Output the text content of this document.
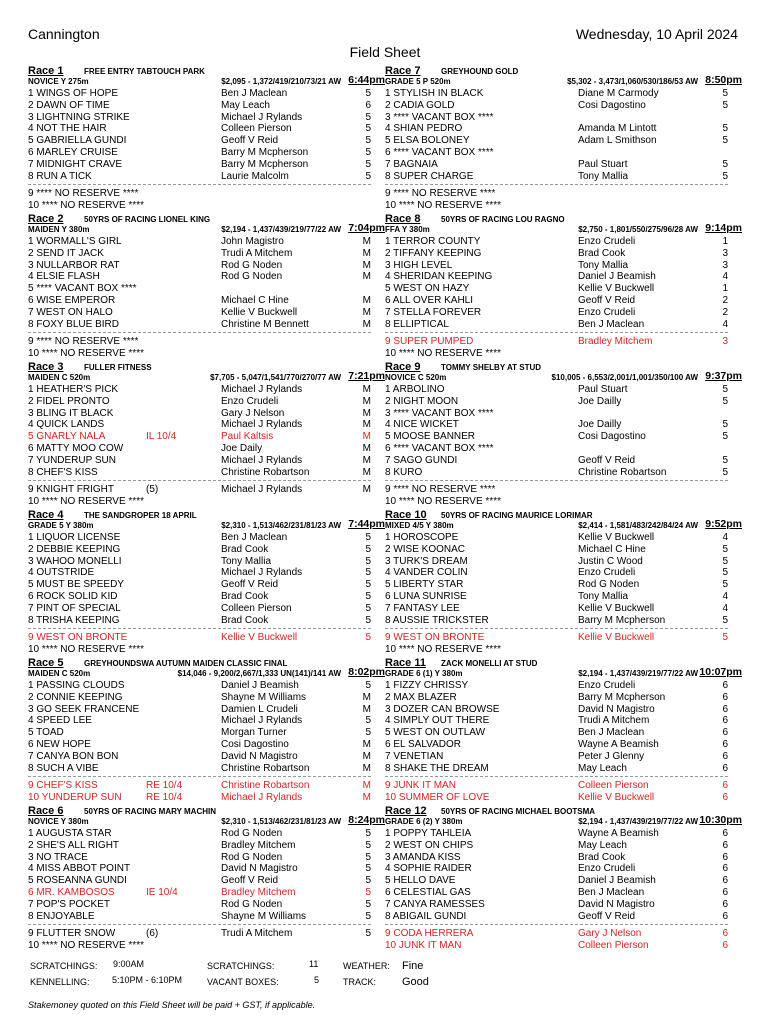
Cannington	Wednesday, 10 April 2024
Field Sheet
Race 1	FREE ENTRY TABTOUCH PARK
NOVICE Y 275m	$2,095 - 1,372/419/210/73/21 AW 6:44pm
1 WINGS OF HOPE	Ben J Maclean	5
2 DAWN OF TIME	May Leach	6
3 LIGHTNING STRIKE	Michael J Rylands	5
4 NOT THE HAIR	Colleen Pierson	5
5 GABRIELLA GUNDI	Geoff V Reid	5
6 MARLEY CRUISE	Barry M Mcpherson	5
7 MIDNIGHT CRAVE	Barry M Mcpherson	5
8 RUN A TICK	Laurie Malcolm	5
9 **** NO RESERVE ****
10 **** NO RESERVE ****
Race 2	50YRS OF RACING LIONEL KING
MAIDEN Y 380m	$2,194 - 1,437/439/219/77/22 AW 7:04pm
1 WORMALL'S GIRL	John Magistro	M
2 SEND IT JACK	Trudi A Mitchem	M
3 NULLARBOR RAT	Rod G Noden	M
4 ELSIE FLASH	Rod G Noden	M
5 **** VACANT BOX ****
6 WISE EMPEROR	Michael C Hine	M
7 WEST ON HALO	Kellie V Buckwell	M
8 FOXY BLUE BIRD	Christine M Bennett	M
9 **** NO RESERVE ****
10 **** NO RESERVE ****
Race 3	FULLER FITNESS
MAIDEN C 520m	$7,705 - 5,047/1,541/770/270/77 AW 7:21pm
1 HEATHER'S PICK	Michael J Rylands	M
2 FIDEL PRONTO	Enzo Crudeli	M
3 BLING IT BLACK	Gary J Nelson	M
4 QUICK LANDS	Michael J Rylands	M
5 GNARLY NALA	IL 10/4	Paul Kaltsis	M
6 MATTY MOO COW	Joe Daily	M
7 YUNDERUP SUN	Michael J Rylands	M
8 CHEF'S KISS	Christine Robartson	M
9 KNIGHT FRIGHT	(5)	Michael J Rylands	M
10 **** NO RESERVE ****
Race 4	THE SANDGROPER 18 APRIL
GRADE 5 Y 380m	$2,310 - 1,513/462/231/81/23 AW 7:44pm
1 LIQUOR LICENSE	Ben J Maclean	5
2 DEBBIE KEEPING	Brad Cook	5
3 WAHOO MONELLI	Tony Mallia	5
4 OUTSTRIDE	Michael J Rylands	5
5 MUST BE SPEEDY	Geoff V Reid	5
6 ROCK SOLID KID	Brad Cook	5
7 PINT OF SPECIAL	Colleen Pierson	5
8 TRISHA KEEPING	Brad Cook	5
9 WEST ON BRONTE	Kellie V Buckwell	5
10 **** NO RESERVE ****
Race 5	GREYHOUNDSWA AUTUMN MAIDEN CLASSIC FINAL
MAIDEN C 520m	$14,046 - 9,200/2,667/1,333 UN(141)/141 AW 8:02pm
1 PASSING CLOUDS	Daniel J Beamish	5
2 CONNIE KEEPING	Shayne M Williams	M
3 GO SEEK FRANCENE	Damien L Crudeli	M
4 SPEED LEE	Michael J Rylands	5
5 TOAD	Morgan Turner	5
6 NEW HOPE	Cosi Dagostino	M
7 CANYA BON BON	David N Magistro	M
8 SUCH A VIBE	Christine Robartson	M
9 CHEF'S KISS	RE 10/4	Christine Robartson	M
10 YUNDERUP SUN RE 10/4	Michael J Rylands	M
Race 6	50YRS OF RACING MARY MACHIN
NOVICE Y 380m	$2,310 - 1,513/462/231/81/23 AW 8:24pm
1 AUGUSTA STAR	Rod G Noden	5
2 SHE'S ALL RIGHT	Bradley Mitchem	5
3 NO TRACE	Rod G Noden	5
4 MISS ABBOT POINT	David N Magistro	5
5 ROSEANNA GUNDI	Geoff V Reid	5
6 MR. KAMBOSOS	IE 10/4	Bradley Mitchem	5
7 POP'S POCKET	Rod G Noden	5
8 ENJOYABLE	Shayne M Williams	5
9 FLUTTER SNOW	(6)	Trudi A Mitchem	5
10 **** NO RESERVE ****
Race 7	GREYHOUND GOLD
GRADE 5 P 520m	$5,302 - 3,473/1,060/530/186/53 AW 8:50pm
1 STYLISH IN BLACK	Diane M Carmody	5
2 CADIA GOLD	Cosi Dagostino	5
3 **** VACANT BOX ****
4 SHIAN PEDRO	Amanda M Lintott	5
5 ELSA BOLONEY	Adam L Smithson	5
6 **** VACANT BOX ****
7 BAGNAIA	Paul Stuart	5
8 SUPER CHARGE	Tony Mallia	5
9 **** NO RESERVE ****
10 **** NO RESERVE ****
Race 8	50YRS OF RACING LOU RAGNO
FFA Y 380m	$2,750 - 1,801/550/275/96/28 AW 9:14pm
1 TERROR COUNTY	Enzo Crudeli	1
2 TIFFANY KEEPING	Brad Cook	3
3 HIGH LEVEL	Tony Mallia	3
4 SHERIDAN KEEPING	Daniel J Beamish	4
5 WEST ON HAZY	Kellie V Buckwell	1
6 ALL OVER KAHLI	Geoff V Reid	2
7 STELLA FOREVER	Enzo Crudeli	2
8 ELLIPTICAL	Ben J Maclean	4
9 SUPER PUMPED	Bradley Mitchem	3
10 **** NO RESERVE ****
Race 9	TOMMY SHELBY AT STUD
NOVICE C 520m	$10,005 - 6,553/2,001/1,001/350/100 AW 9:37pm
1 ARBOLINO	Paul Stuart	5
2 NIGHT MOON	Joe Dailly	5
3 **** VACANT BOX ****
4 NICE WICKET	Joe Dailly	5
5 MOOSE BANNER	Cosi Dagostino	5
6 **** VACANT BOX ****
7 SAGO GUNDI	Geoff V Reid	5
8 KURO	Christine Robartson	5
9 **** NO RESERVE ****
10 **** NO RESERVE ****
Race 10 50YRS OF RACING MAURICE LORIMAR
MIXED 4/5 Y 380m	$2,414 - 1,581/483/242/84/24 AW 9:52pm
1 HOROSCOPE	Kellie V Buckwell	4
2 WISE KOONAC	Michael C Hine	5
3 TURK'S DREAM	Justin C Wood	5
4 VANDER COLIN	Enzo Crudeli	5
5 LIBERTY STAR	Rod G Noden	5
6 LUNA SUNRISE	Tony Mallia	4
7 FANTASY LEE	Kellie V Buckwell	4
8 AUSSIE TRICKSTER	Barry M Mcpherson	5
9 WEST ON BRONTE	Kellie V Buckwell	5
10 **** NO RESERVE ****
Race 11 ZACK MONELLI AT STUD
GRADE 6 (1) Y 380m	$2,194 - 1,437/439/219/77/22 AW 10:07pm
1 FIZZY CHRISSY	Enzo Crudeli	6
2 MAX BLAZER	Barry M Mcpherson	6
3 DOZER CAN BROWSE	David N Magistro	6
4 SIMPLY OUT THERE	Trudi A Mitchem	6
5 WEST ON OUTLAW	Ben J Maclean	6
6 EL SALVADOR	Wayne A Beamish	6
7 VENETIAN	Peter J Glenny	6
8 SHAKE THE DREAM	May Leach	6
9 JUNK IT MAN	Colleen Pierson	6
10 SUMMER OF LOVE	Kellie V Buckwell	6
Race 12 50YRS OF RACING MICHAEL BOOTSMA
GRADE 6 (2) Y 380m	$2,194 - 1,437/439/219/77/22 AW 10:30pm
1 POPPY TAHLEIA	Wayne A Beamish	6
2 WEST ON CHIPS	May Leach	6
3 AMANDA KISS	Brad Cook	6
4 SOPHIE RAIDER	Enzo Crudeli	6
5 HELLO DAVE	Daniel J Beamish	6
6 CELESTIAL GAS	Ben J Maclean	6
7 CANYA RAMESSES	David N Magistro	6
8 ABIGAIL GUNDI	Geoff V Reid	6
9 CODA HERRERA	Gary J Nelson	6
10 JUNK IT MAN	Colleen Pierson	6
SCRATCHINGS: 9:00AM	SCRATCHINGS:	11	WEATHER: Fine
KENNELLING: 5:10PM - 6:10PM	VACANT BOXES:	5	TRACK: Good
Stakemoney quoted on this Field Sheet will be paid + GST, if applicable.
